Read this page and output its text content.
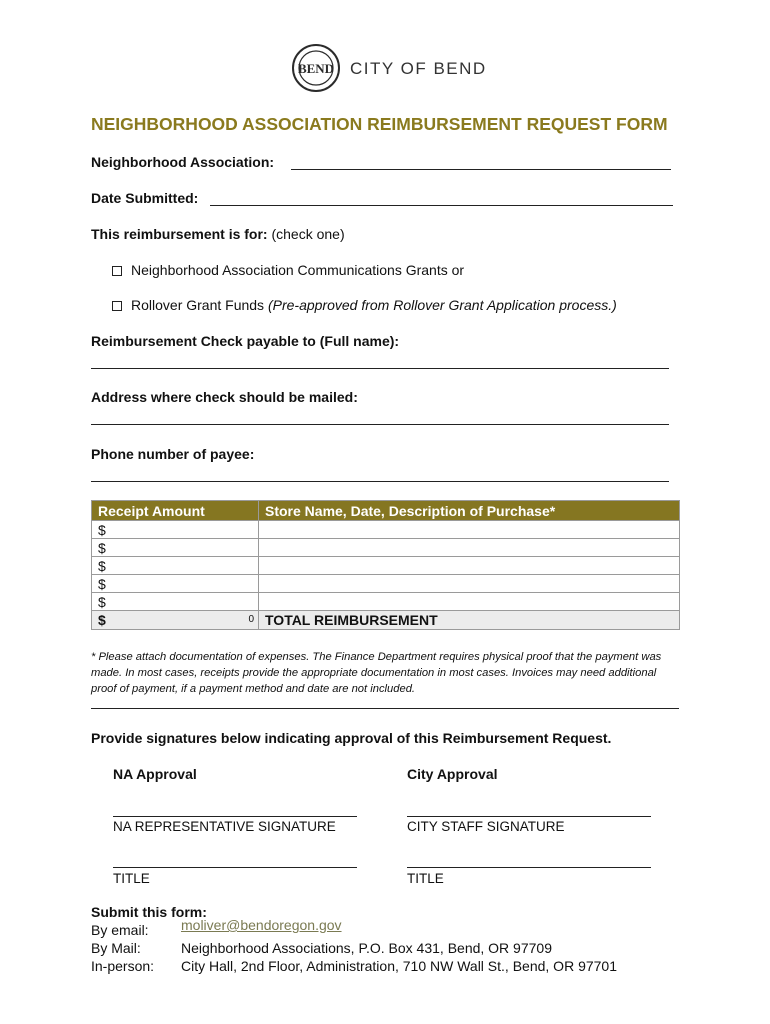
BEND CITY OF BEND
NEIGHBORHOOD ASSOCIATION REIMBURSEMENT REQUEST FORM
Neighborhood Association:
Date Submitted:
This reimbursement is for: (check one)
Neighborhood Association Communications Grants or
Rollover Grant Funds (Pre-approved from Rollover Grant Application process.)
Reimbursement Check payable to (Full name):
Address where check should be mailed:
Phone number of payee:
Receipt Amount	Store Name, Date, Description of Purchase*
$	
$	
$	
$	
$	
$ 0	TOTAL REIMBURSEMENT
* Please attach documentation of expenses. The Finance Department requires physical proof that the payment was made. In most cases, receipts provide the appropriate documentation in most cases. Invoices may need additional proof of payment, if a payment method and date are not included.
Provide signatures below indicating approval of this Reimbursement Request.
NA Approval	City Approval
NA REPRESENTATIVE SIGNATURE	CITY STAFF SIGNATURE
TITLE	TITLE
Submit this form:
By email: moliver@bendoregon.gov
By Mail:	Neighborhood Associations, P.O. Box 431, Bend, OR 97709
In-person: City Hall, 2nd Floor, Administration, 710 NW Wall St., Bend, OR 97701
